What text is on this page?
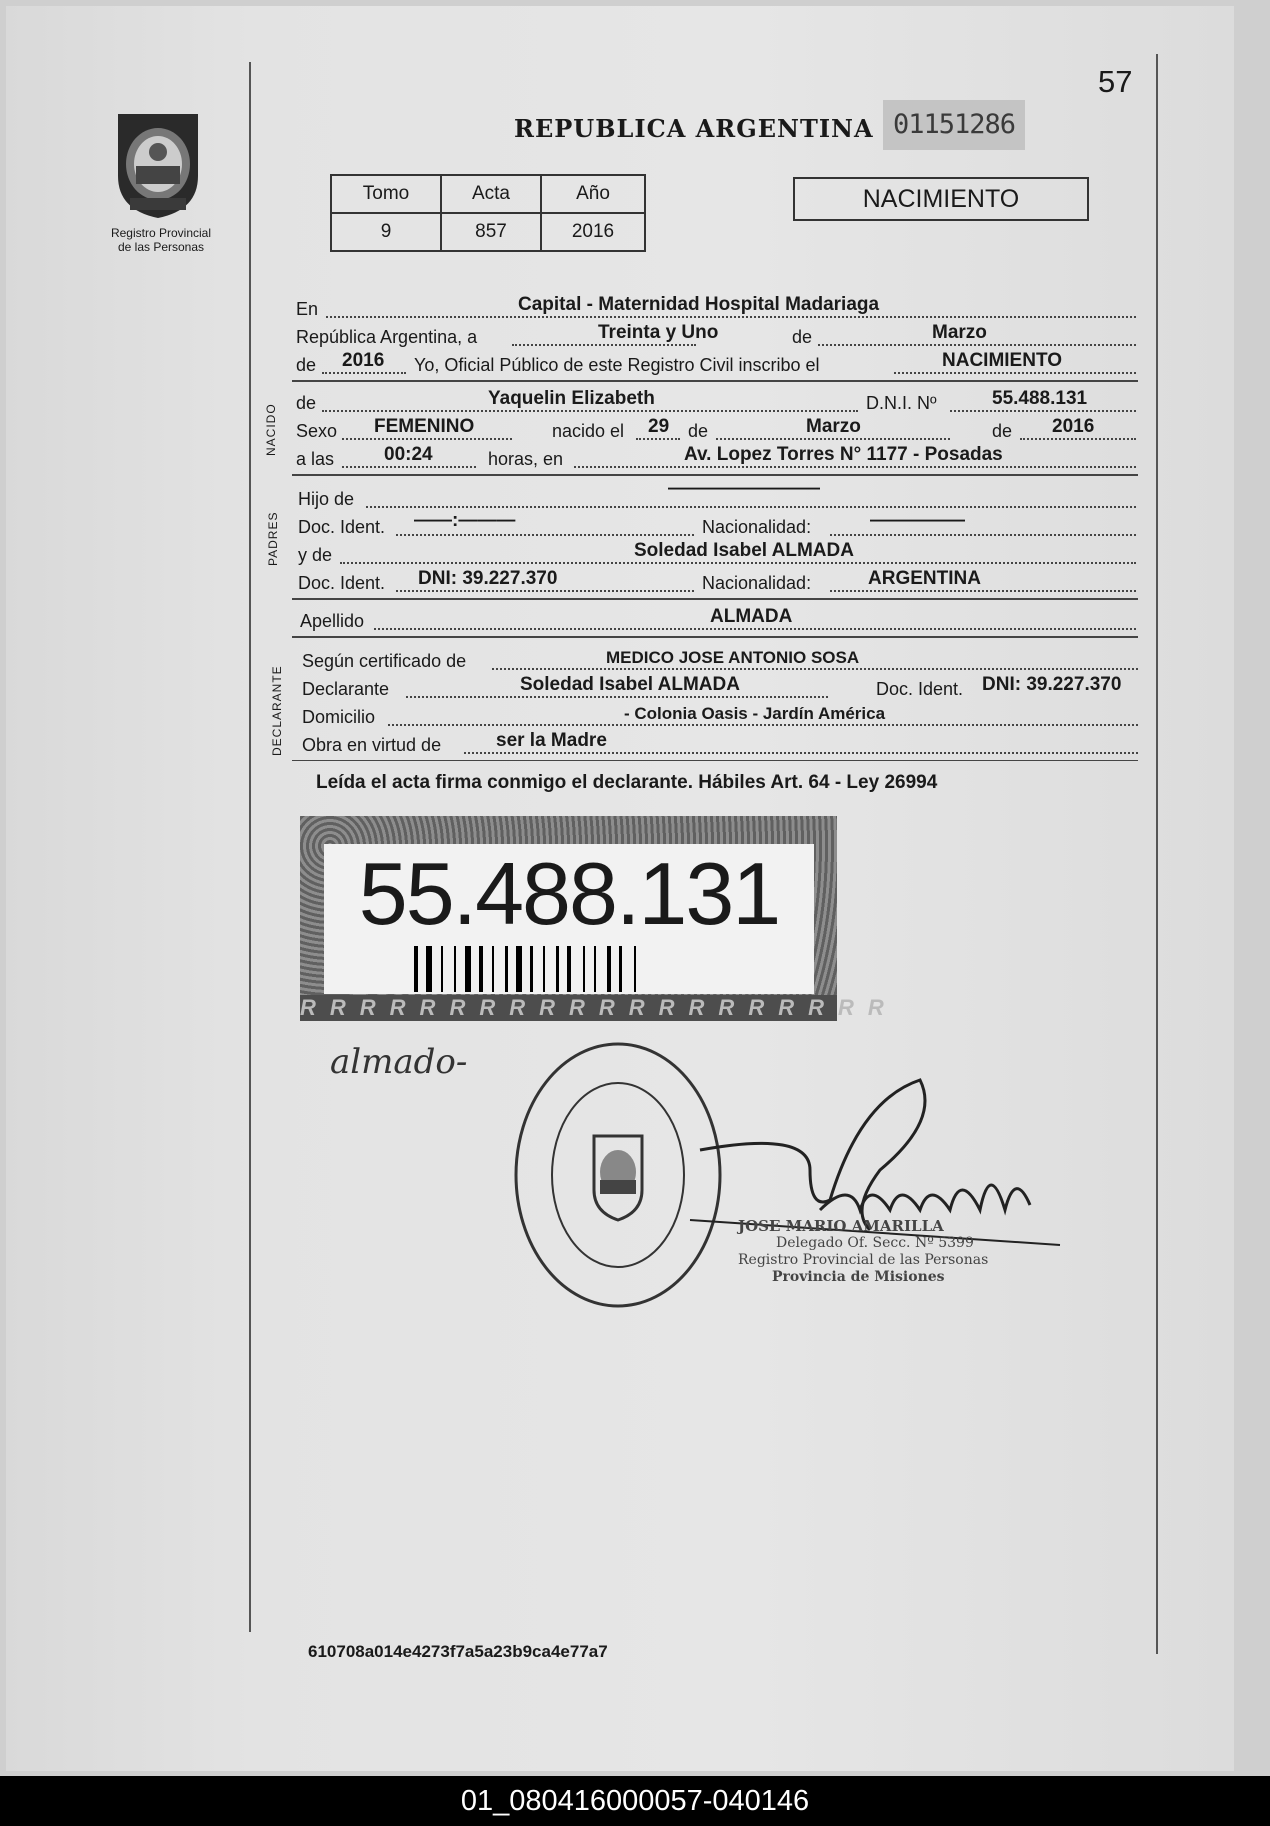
57
Registro Provincial
de las Personas
REPUBLICA ARGENTINA 01151286
Tomo	Acta	Año
9	857	2016
NACIMIENTO
En	Capital - Maternidad Hospital Madariaga
República Argentina, a	Treinta y Uno	de	Marzo
de 2016 Yo, Oficial Público de este Registro Civil inscribo el	NACIMIENTO
NACIDO
de	Yaquelin Elizabeth	D.N.I. Nº	55.488.131
Sexo FEMENINO	nacido el 29 de	Marzo	de 2016
a las	00:24	horas, en	Av. Lopez Torres N° 1177 - Posadas
PADRES
Hijo de	――――――――
Doc. Ident. ――:―――	Nacionalidad:	―――――
y de	Soledad Isabel ALMADA
Doc. Ident. DNI: 39.227.370	Nacionalidad:	ARGENTINA
Apellido	ALMADA
DECLARANTE
Según certificado de	MEDICO JOSE ANTONIO SOSA
Declarante	Soledad Isabel ALMADA	Doc. Ident. DNI: 39.227.370
Domicilio	- Colonia Oasis - Jardín América
Obra en virtud de	ser la Madre
Leída el acta firma conmigo el declarante. Hábiles Art. 64 - Ley 26994
RRRRRRRRRRRRRRRRRRRR
55.488.131
almado-
JOSE MARIO AMARILLA
Delegado Of. Secc. Nº 5399
Registro Provincial de las Personas
Provincia de Misiones
610708a014e4273f7a5a23b9ca4e77a7
01_080416000057-040146
